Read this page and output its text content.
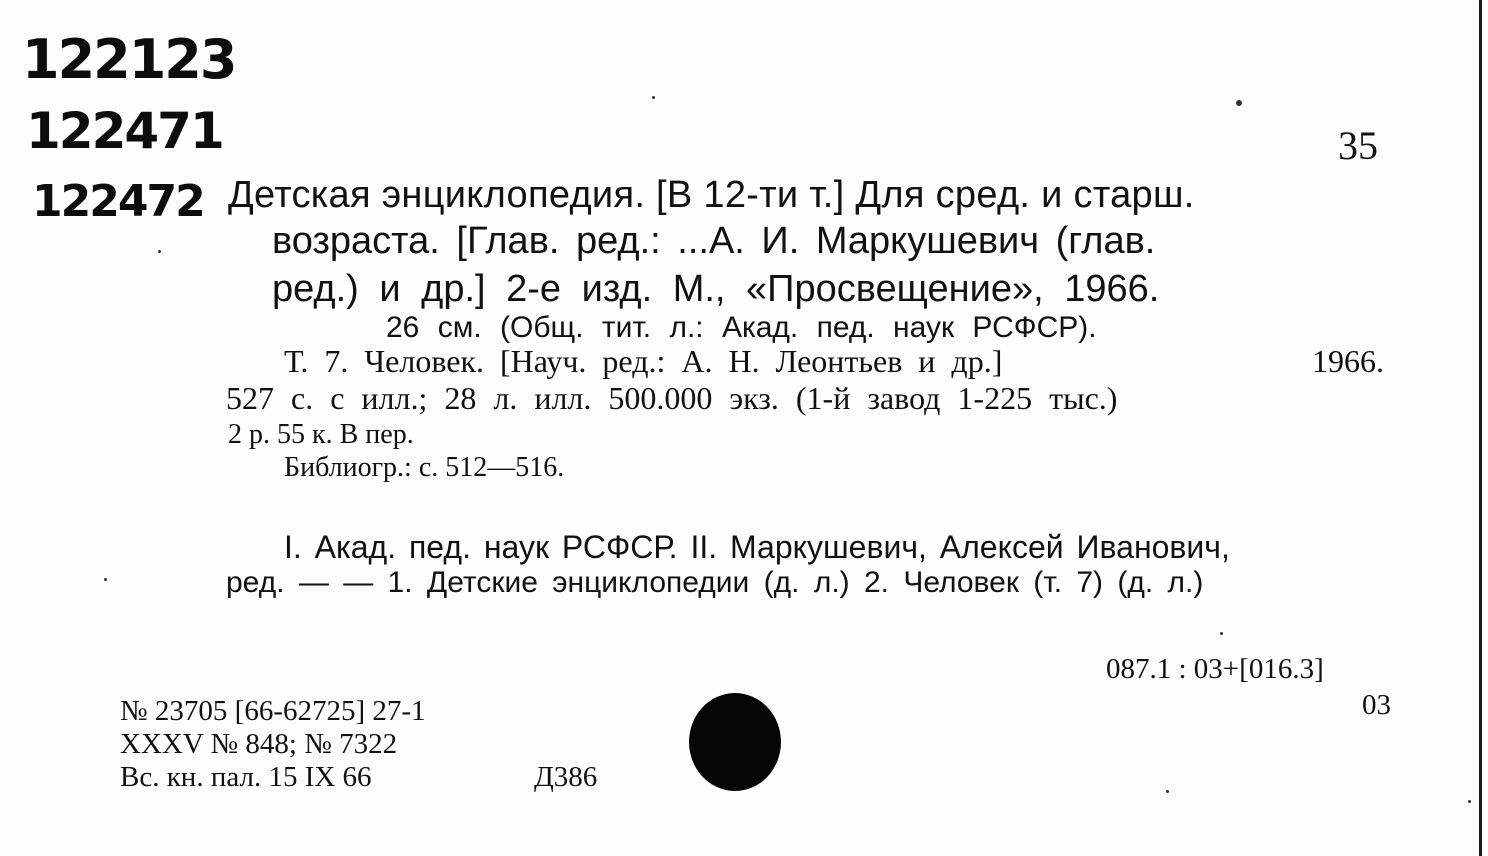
122123
122471
122472
35
Детская энциклопедия. [В 12-ти т.] Для сред. и старш.
возраста. [Глав. ред.: ...А. И. Маркушевич (глав.
ред.) и др.] 2-е изд. М., «Просвещение», 1966.
26 см. (Общ. тит. л.: Акад. пед. наук РСФСР).
Т. 7. Человек. [Науч. ред.: А. Н. Леонтьев и др.]	1966.
527 с. с илл.; 28 л. илл. 500.000 экз. (1-й завод 1-225 тыс.)
2 р. 55 к. В пер.
Библиогр.: с. 512—516.
I. Акад. пед. наук РСФСР. II. Маркушевич, Алексей Иванович,
ред. — — 1. Детские энциклопедии (д. л.) 2. Человек (т. 7) (д. л.)
087.1 : 03+[016.3]
03
№ 23705 [66-62725] 27-1
XXXV № 848; № 7322
Вс. кн. пал. 15 IX 66	Д386
